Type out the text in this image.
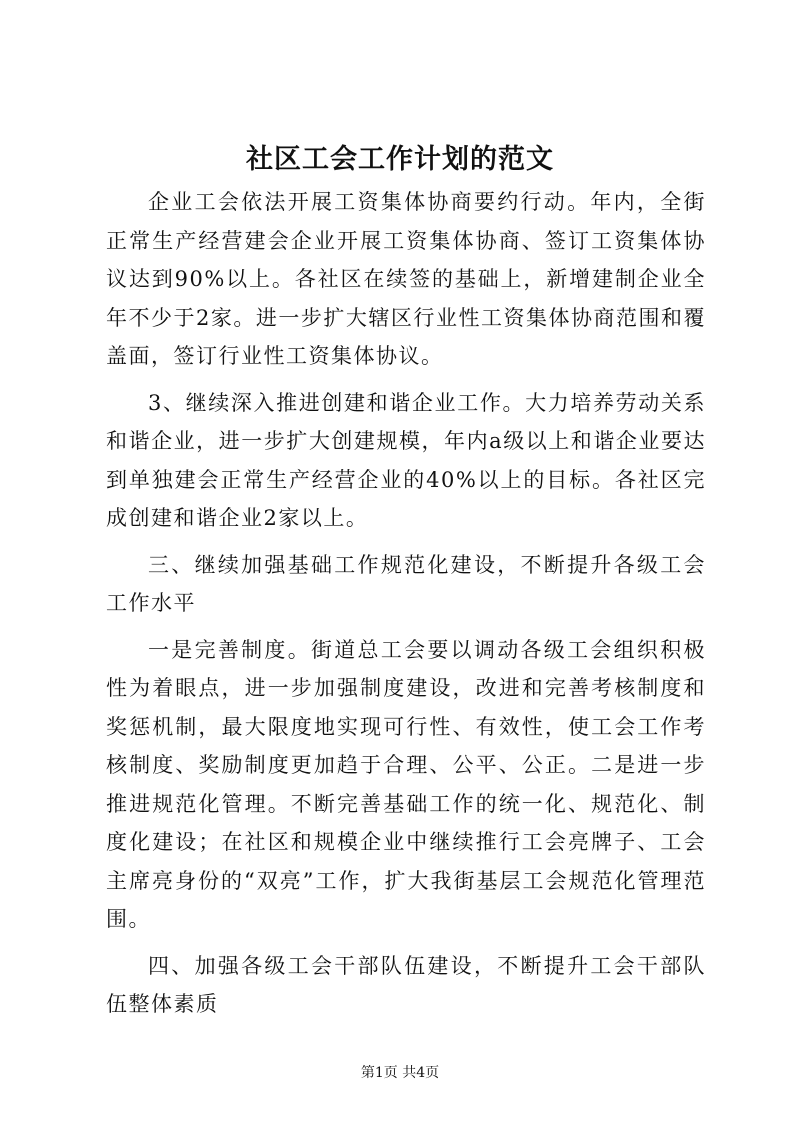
社区工会工作计划的范文

企业工会依法开展工资集体协商要约行动。年内，全街正常生产经营建会企业开展工资集体协商、签订工资集体协议达到90%以上。各社区在续签的基础上，新增建制企业全年不少于2家。进一步扩大辖区行业性工资集体协商范围和覆盖面，签订行业性工资集体协议。

3、继续深入推进创建和谐企业工作。大力培养劳动关系和谐企业，进一步扩大创建规模，年内a级以上和谐企业要达到单独建会正常生产经营企业的40%以上的目标。各社区完成创建和谐企业2家以上。

三、继续加强基础工作规范化建设，不断提升各级工会工作水平

一是完善制度。街道总工会要以调动各级工会组织积极性为着眼点，进一步加强制度建设，改进和完善考核制度和奖惩机制，最大限度地实现可行性、有效性，使工会工作考核制度、奖励制度更加趋于合理、公平、公正。二是进一步推进规范化管理。不断完善基础工作的统一化、规范化、制度化建设；在社区和规模企业中继续推行工会亮牌子、工会主席亮身份的“双亮”工作，扩大我街基层工会规范化管理范围。

四、加强各级工会干部队伍建设，不断提升工会干部队伍整体素质

第1页 共4页
